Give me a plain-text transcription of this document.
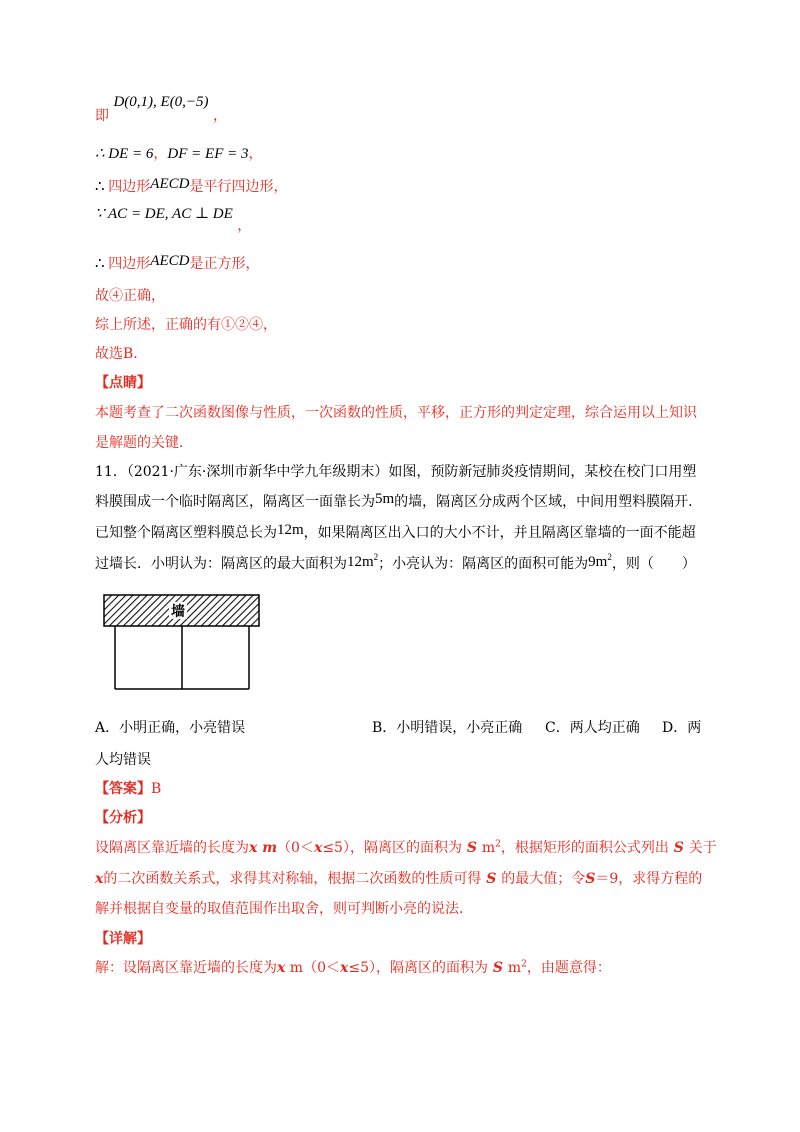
即 D(0,1), E(0,−5) ，
∴ DE = 6，DF = EF = 3，
∴ 四边形AECD是平行四边形，
∵ AC = DE, AC ⊥ DE ，
∴ 四边形AECD是正方形，
故④正确，
综上所述，正确的有①②④，
故选B．
【点睛】
本题考查了二次函数图像与性质，一次函数的性质，平移，正方形的判定定理，综合运用以上知识
是解题的关键．
11．（2021·广东·深圳市新华中学九年级期末）如图，预防新冠肺炎疫情期间，某校在校门口用塑
料膜围成一个临时隔离区，隔离区一面靠长为5m的墙，隔离区分成两个区域，中间用塑料膜隔开．
已知整个隔离区塑料膜总长为12m，如果隔离区出入口的大小不计，并且隔离区靠墙的一面不能超
过墙长．小明认为：隔离区的最大面积为$12m^2$；小亮认为：隔离区的面积可能为$9m^2$，则（　　）
墙
A．小明正确，小亮错误	B．小明错误，小亮正确 C．两人均正确 D．两
人均错误
【答案】B
【分析】
设隔离区靠近墙的长度为x m（0＜x≤5），隔离区的面积为 S $m^2$，根据矩形的面积公式列出 S 关于
x的二次函数关系式，求得其对称轴，根据二次函数的性质可得 S 的最大值；令S＝9，求得方程的
解并根据自变量的取值范围作出取舍，则可判断小亮的说法．
【详解】
解：设隔离区靠近墙的长度为x m（0＜x≤5），隔离区的面积为 S $m^2$，由题意得：
